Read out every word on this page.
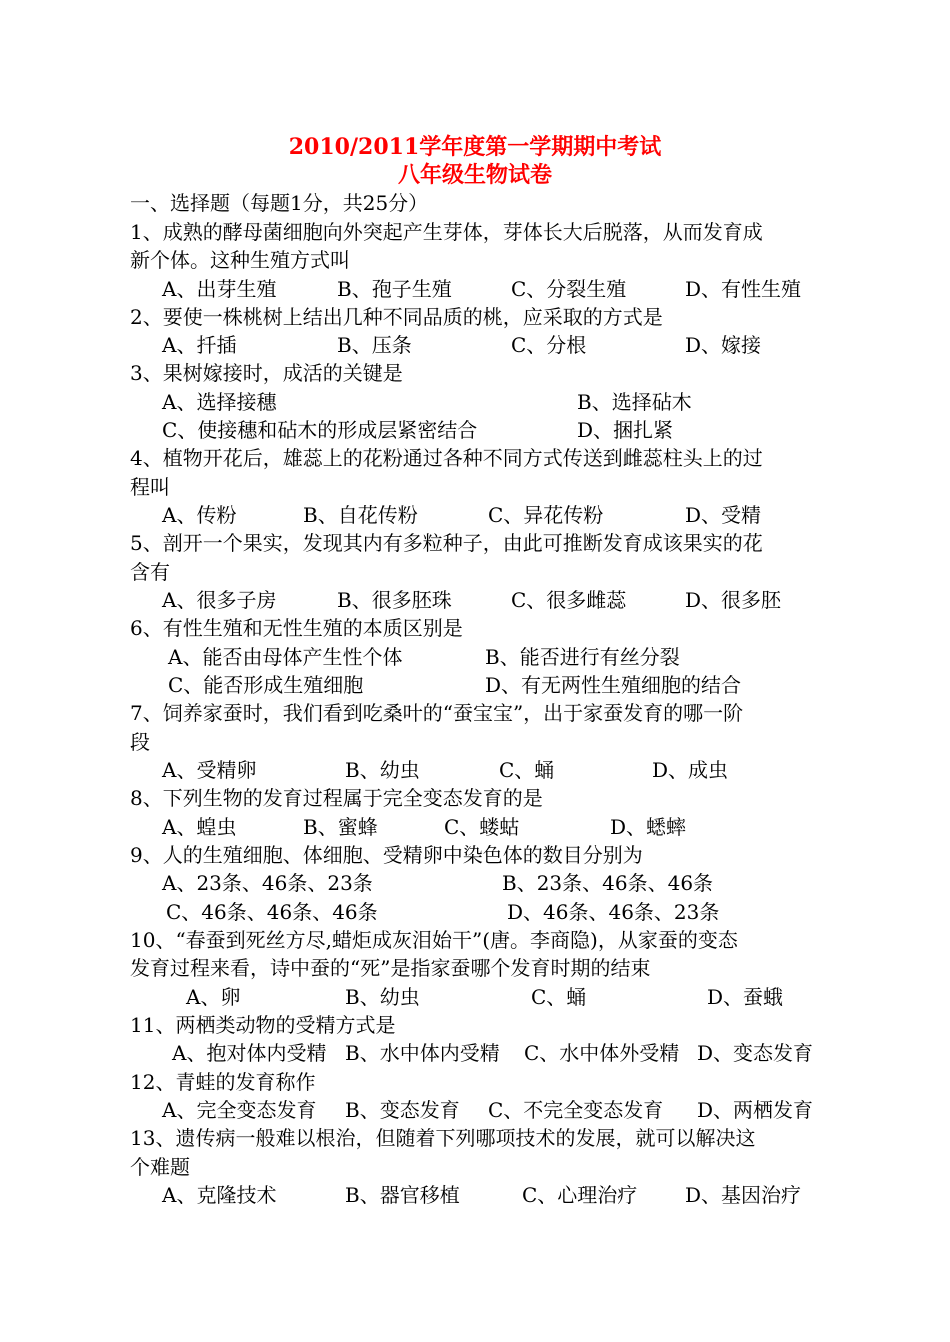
2010/2011学年度第一学期期中考试
八年级生物试卷
一、选择题（每题1分，共25分）
1、成熟的酵母菌细胞向外突起产生芽体，芽体长大后脱落，从而发育成
新个体。这种生殖方式叫
A、出芽生殖	B、孢子生殖	C、分裂生殖	D、有性生殖
2、要使一株桃树上结出几种不同品质的桃，应采取的方式是
A、扦插	B、压条	C、分根	D、嫁接
3、果树嫁接时，成活的关键是
A、选择接穗	B、选择砧木
C、使接穗和砧木的形成层紧密结合	D、捆扎紧
4、植物开花后，雄蕊上的花粉通过各种不同方式传送到雌蕊柱头上的过
程叫
A、传粉	B、自花传粉	C、异花传粉	D、受精
5、剖开一个果实，发现其内有多粒种子，由此可推断发育成该果实的花
含有
A、很多子房	B、很多胚珠	C、很多雌蕊	D、很多胚
6、有性生殖和无性生殖的本质区别是
A、能否由母体产生性个体	B、能否进行有丝分裂
C、能否形成生殖细胞	D、有无两性生殖细胞的结合
7、饲养家蚕时，我们看到吃桑叶的“蚕宝宝”，出于家蚕发育的哪一阶
段
A、受精卵	B、幼虫	C、蛹	D、成虫
8、下列生物的发育过程属于完全变态发育的是
A、蝗虫	B、蜜蜂	C、蝼蛄	D、蟋蟀
9、人的生殖细胞、体细胞、受精卵中染色体的数目分别为
A、23条、46条、23条	B、23条、46条、46条
C、46条、46条、46条	D、46条、46条、23条
10、“春蚕到死丝方尽,蜡炬成灰泪始干”(唐。李商隐)，从家蚕的变态
发育过程来看，诗中蚕的“死”是指家蚕哪个发育时期的结束
A、卵	B、幼虫	C、蛹	D、蚕蛾
11、两栖类动物的受精方式是
A、抱对体内受精 B、水中体内受精 C、水中体外受精 D、变态发育
12、青蛙的发育称作
A、完全变态发育 B、变态发育 C、不完全变态发育 D、两栖发育
13、遗传病一般难以根治，但随着下列哪项技术的发展，就可以解决这
个难题
A、克隆技术	B、器官移植	C、心理治疗 D、基因治疗
